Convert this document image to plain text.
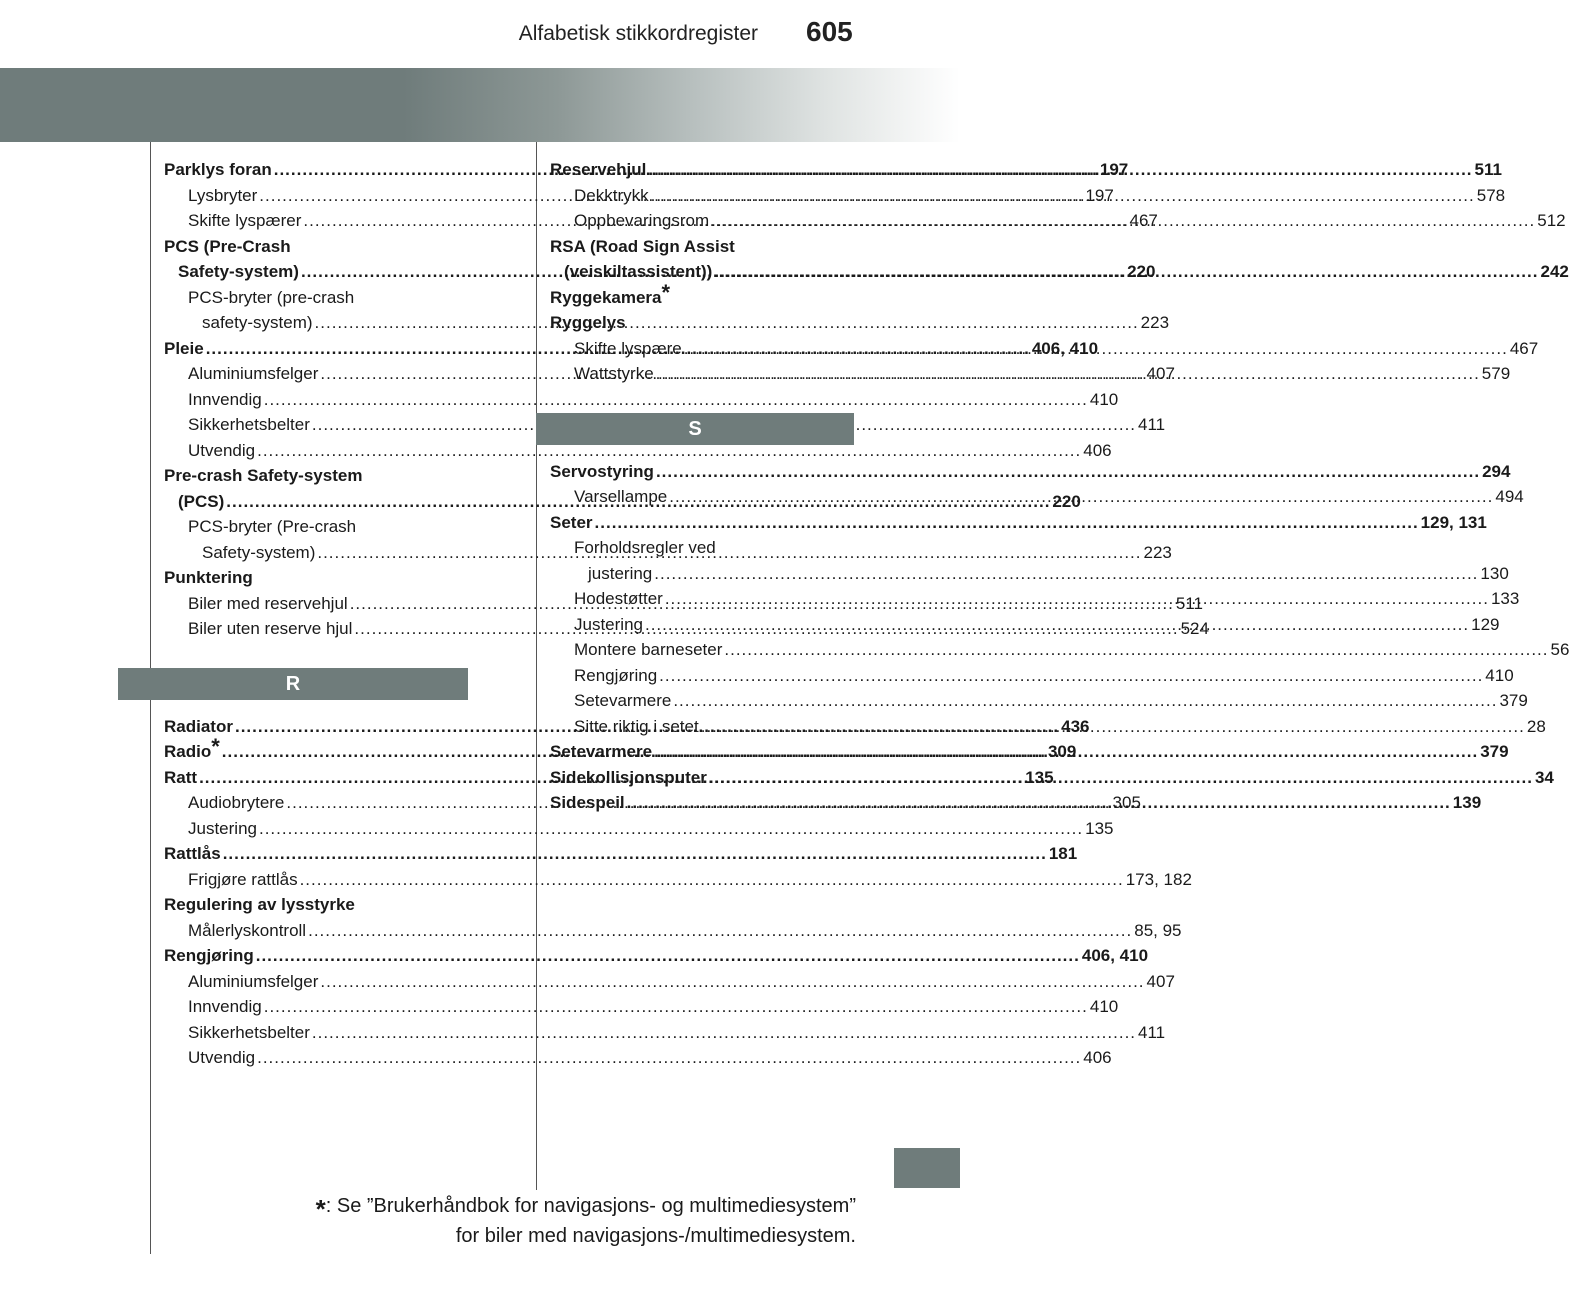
Alfabetisk stikkordregister 605
Parklys foran .....	197
Lysbryter .....	197
Skifte lyspærer .....	467
PCS (Pre-Crash
Safety-system) .....	220
PCS-bryter (pre-crash
safety-system) .....	223
Pleie .....	406, 410
Aluminiumsfelger .....	407
Innvendig .....	410
Sikkerhetsbelter .....	411
Utvendig .....	406
Pre-crash Safety-system
(PCS) .....	220
PCS-bryter (Pre-crash
Safety-system) .....	223
Punktering
Biler med reservehjul .....	511
Biler uten reserve hjul .....	524
R
Radiator .....	436
Radio* .....	309
Ratt .....	135
Audiobrytere .....	305
Justering .....	135
Rattlås .....	181
Frigjøre rattlås .....	173, 182
Regulering av lysstyrke
Målerlyskontroll .....	85, 95
Rengjøring .....	406, 410
Aluminiumsfelger .....	407
Innvendig .....	410
Sikkerhetsbelter .....	411
Utvendig .....	406
Reservehjul .....	511
Dekktrykk .....	578
Oppbevaringsrom .....	512
RSA (Road Sign Assist
(veiskiltassistent)) .....	242
Ryggekamera*
Ryggelys
Skifte lyspære .....	467
Wattstyrke .....	579
S
Servostyring .....	294
Varsellampe .....	494
Seter .....	129, 131
Forholdsregler ved
justering .....	130
Hodestøtter .....	133
Justering .....	129
Montere barneseter .....	56
Rengjøring .....	410
Setevarmere .....	379
Sitte riktig i setet .....	28
Setevarmere .....	379
Sidekollisjonsputer .....	34
Sidespeil .....	139
*: Se ”Brukerhåndbok for navigasjons- og multimediesystem”
for biler med navigasjons-/multimediesystem.
